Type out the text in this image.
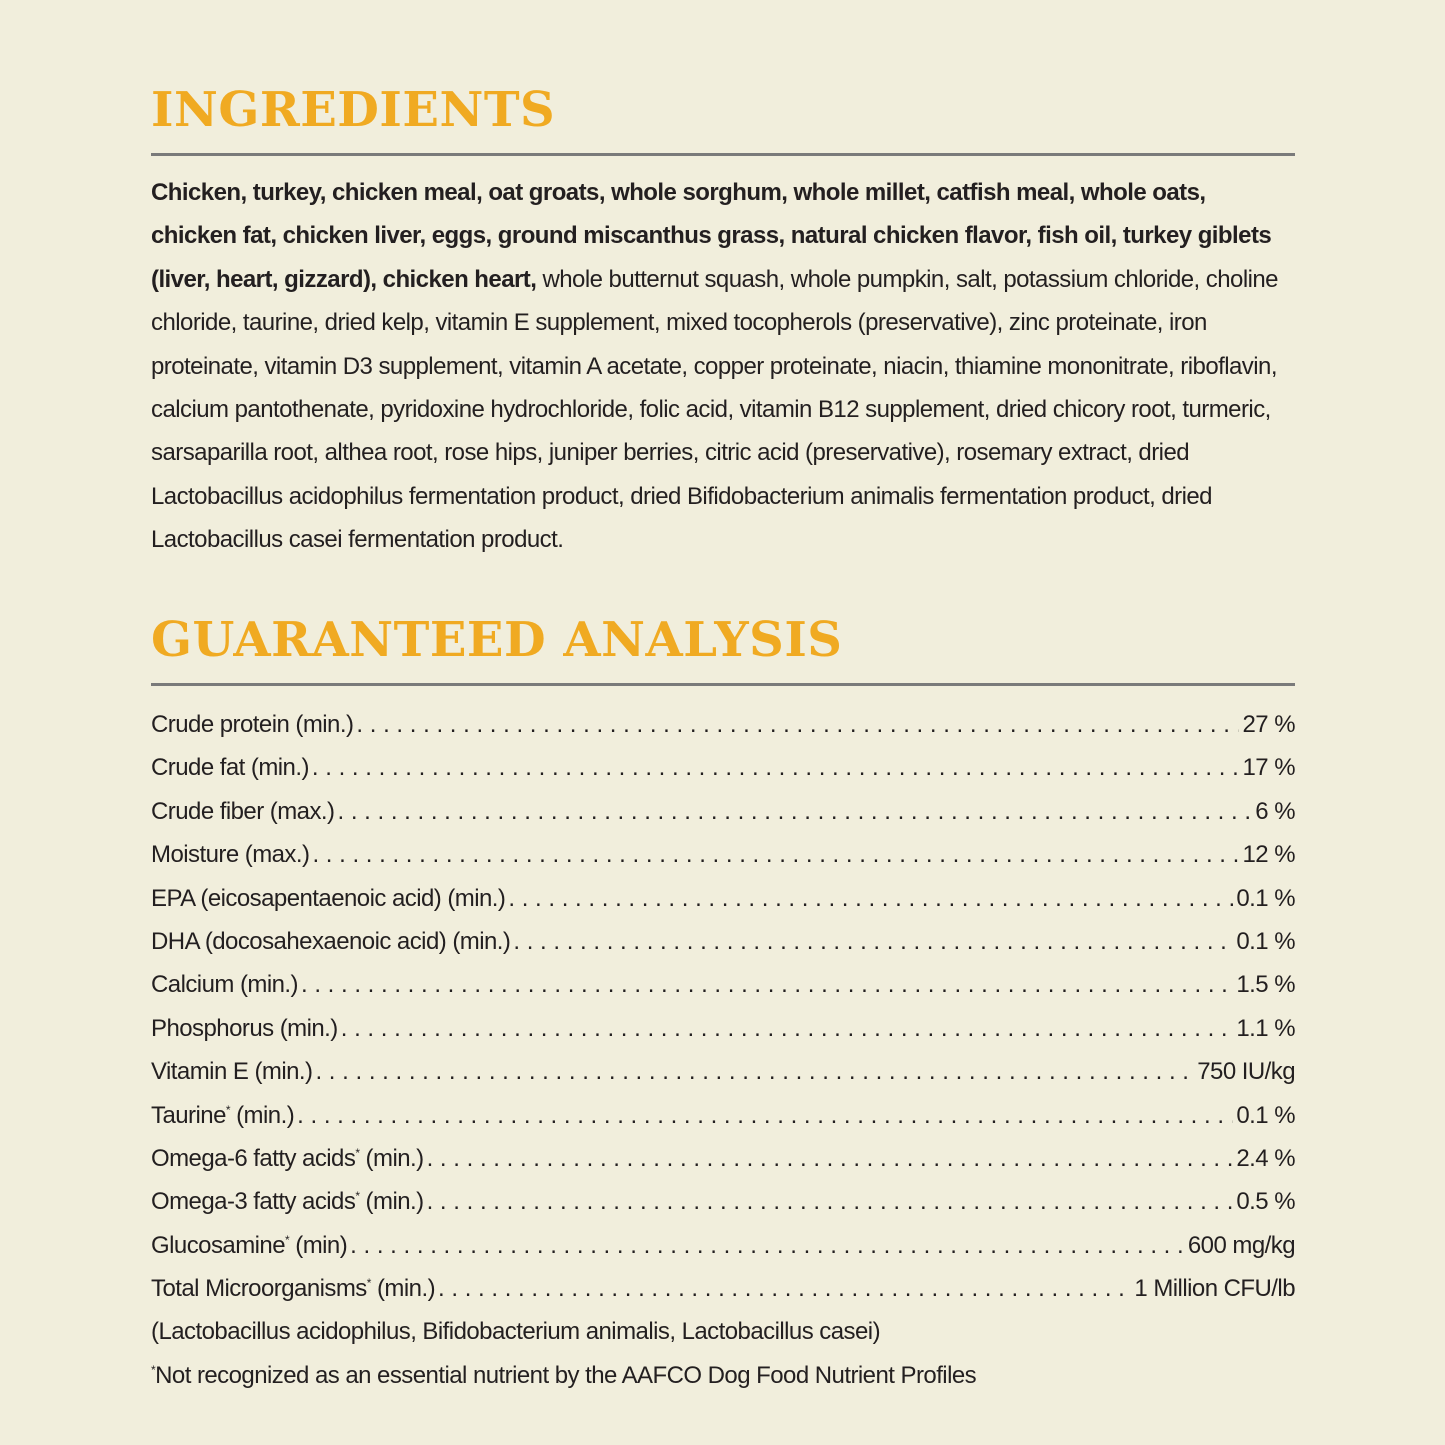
INGREDIENTS

Chicken, turkey, chicken meal, oat groats, whole sorghum, whole millet, catfish meal, whole oats, chicken fat, chicken liver, eggs, ground miscanthus grass, natural chicken flavor, fish oil, turkey giblets (liver, heart, gizzard), chicken heart, whole butternut squash, whole pumpkin, salt, potassium chloride, choline chloride, taurine, dried kelp, vitamin E supplement, mixed tocopherols (preservative), zinc proteinate, iron proteinate, vitamin D3 supplement, vitamin A acetate, copper proteinate, niacin, thiamine mononitrate, riboflavin, calcium pantothenate, pyridoxine hydrochloride, folic acid, vitamin B12 supplement, dried chicory root, turmeric, sarsaparilla root, althea root, rose hips, juniper berries, citric acid (preservative), rosemary extract, dried Lactobacillus acidophilus fermentation product, dried Bifidobacterium animalis fermentation product, dried Lactobacillus casei fermentation product.

GUARANTEED ANALYSIS
Crude protein (min.) . . .	27 %
Crude fat (min.) . . .	17 %
Crude fiber (max.) . . .	6 %
Moisture (max.) . . .	12 %
EPA (eicosapentaenoic acid) (min.) . . .	0.1 %
DHA (docosahexaenoic acid) (min.) . . .	0.1 %
Calcium (min.) . . .	1.5 %
Phosphorus (min.) . . .	1.1 %
Vitamin E (min.) . . .	750 IU/kg
Taurine* (min.) . . .	0.1 %
Omega-6 fatty acids* (min.) . . .	2.4 %
Omega-3 fatty acids* (min.) . . .	0.5 %
Glucosamine* (min) . . .	600 mg/kg
Total Microorganisms* (min.) . . .	1 Million CFU/lb
(Lactobacillus acidophilus, Bifidobacterium animalis, Lactobacillus casei)
*Not recognized as an essential nutrient by the AAFCO Dog Food Nutrient Profiles
